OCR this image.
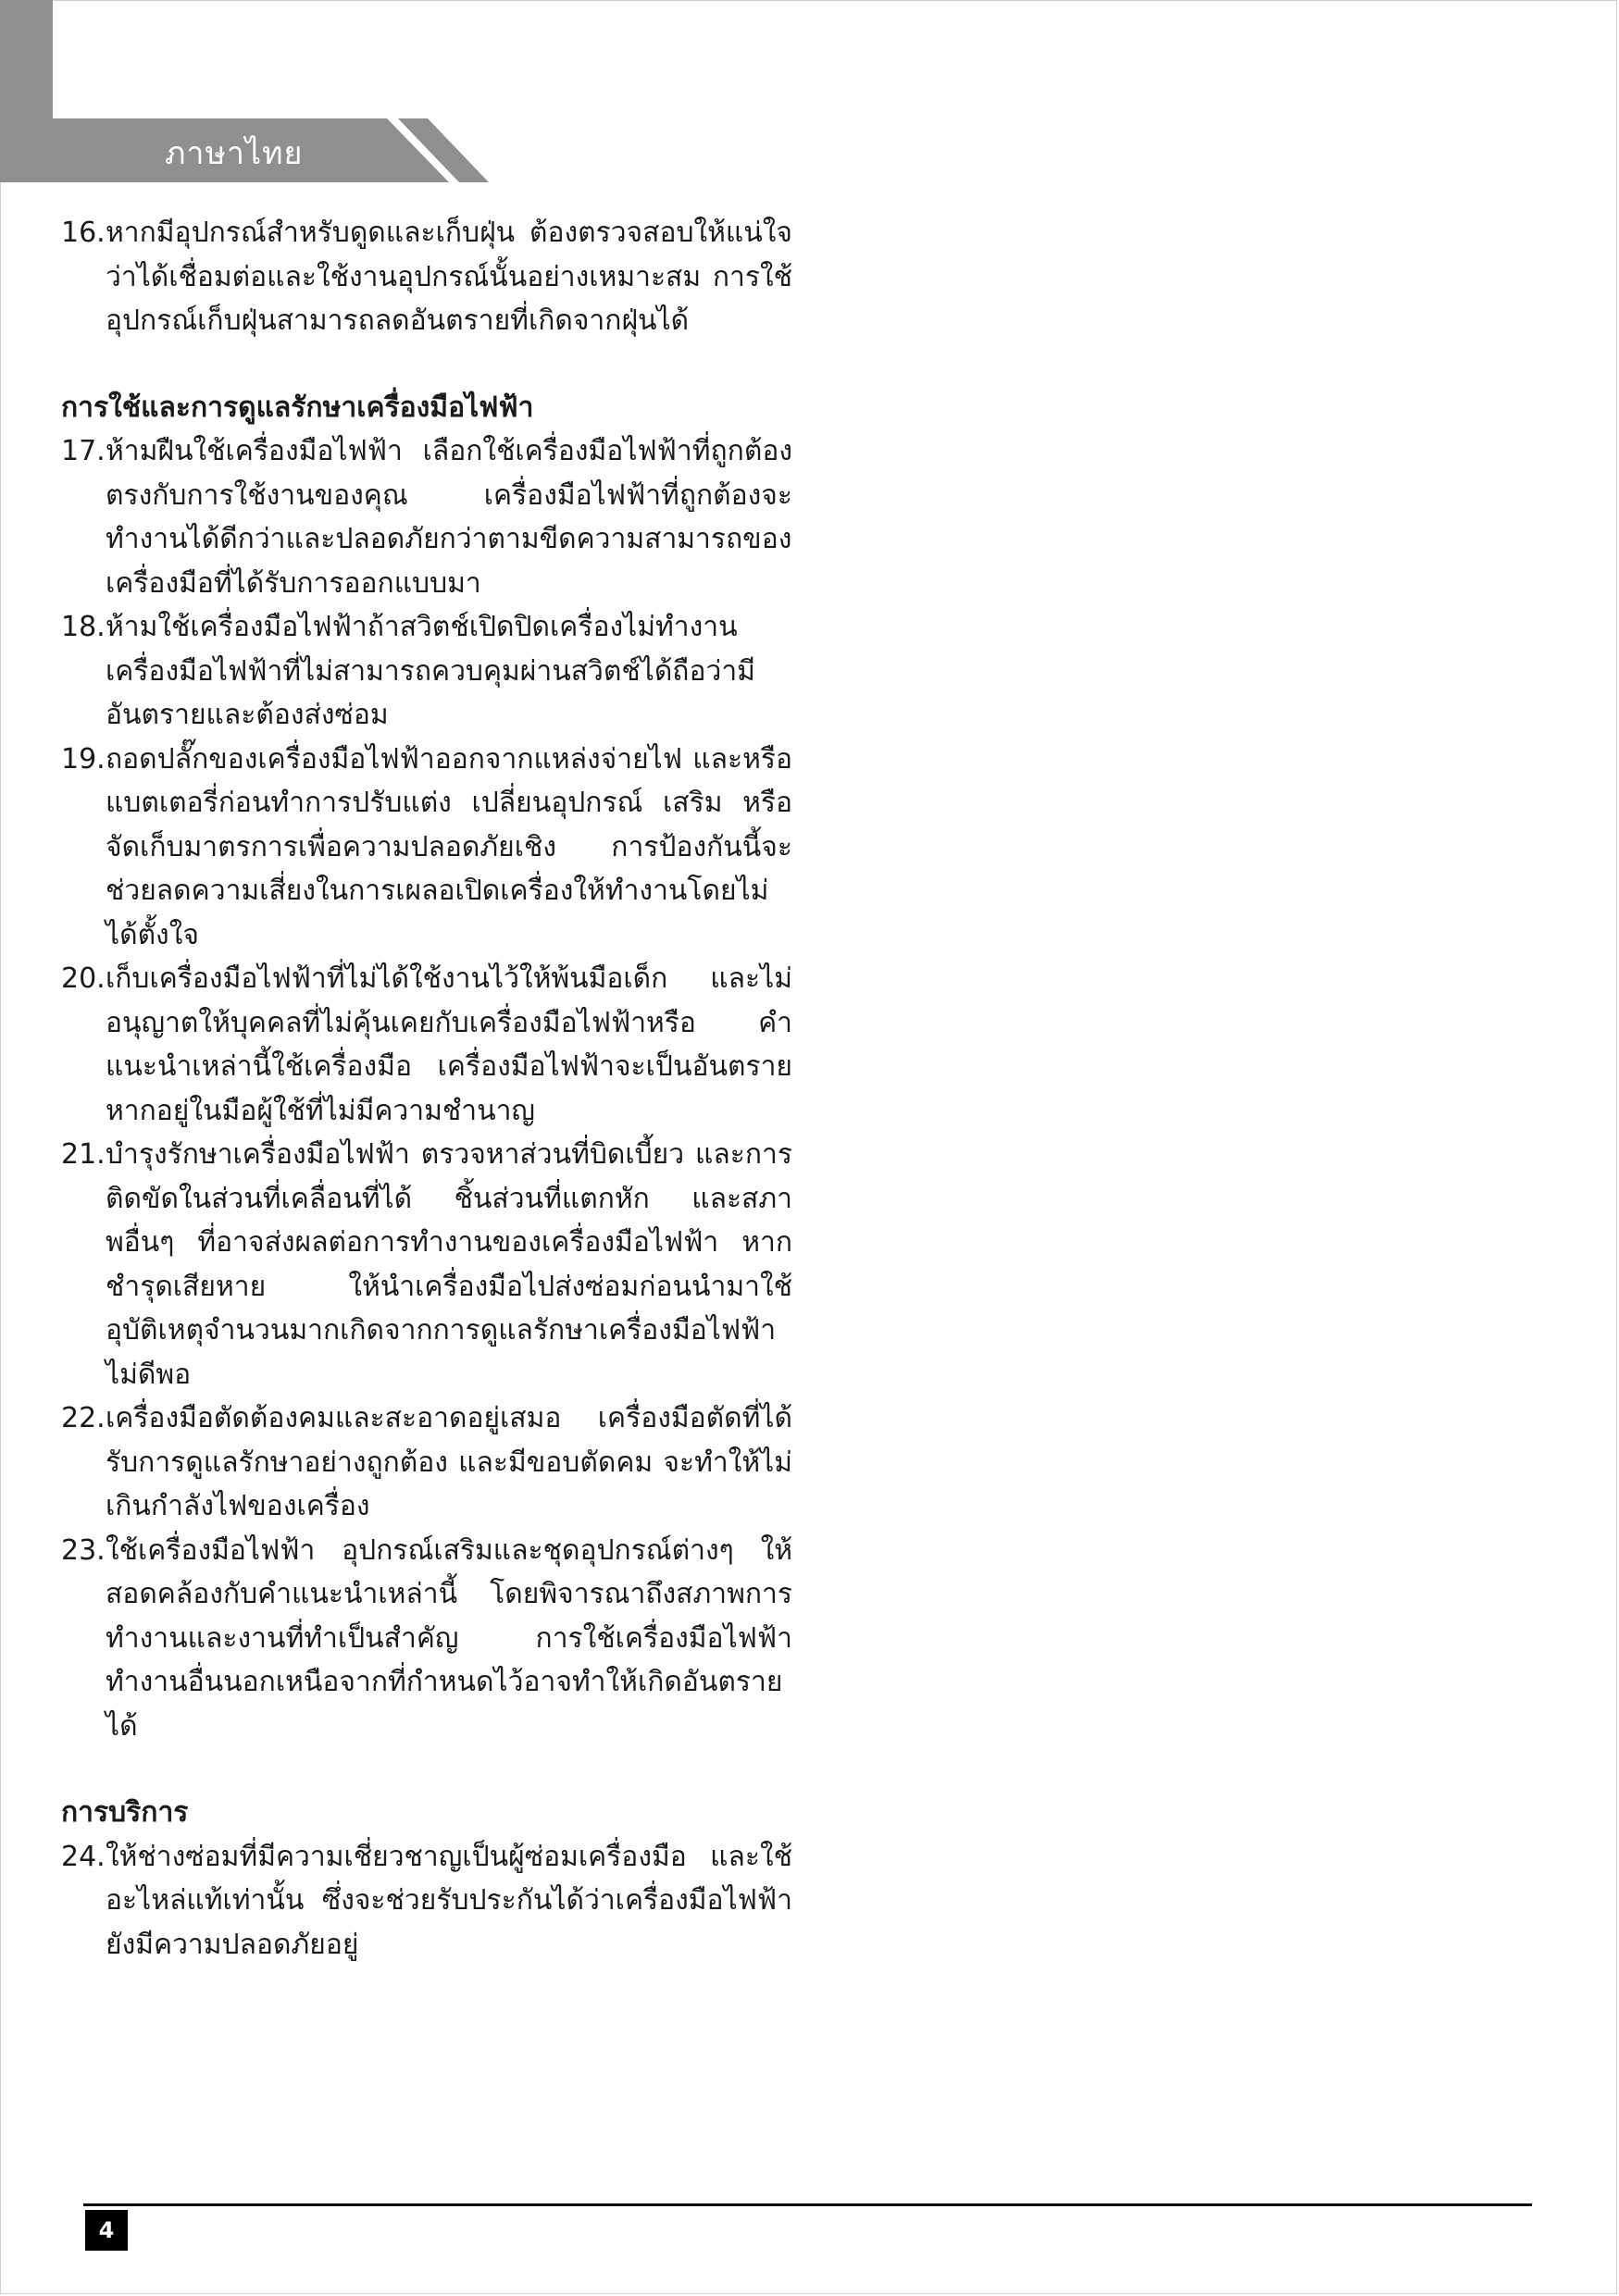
ภาษาไทย
16. หากมีอุปกรณ์สำหรับดูดและเก็บฝุ่น ต้องตรวจสอบให้แน่ใจว่าได้เชื่อมต่อและใช้งานอุปกรณ์นั้นอย่างเหมาะสม การใช้อุปกรณ์เก็บฝุ่นสามารถลดอันตรายที่เกิดจากฝุ่นได้
การใช้และการดูแลรักษาเครื่องมือไฟฟ้า
17. ห้ามฝืนใช้เครื่องมือไฟฟ้า เลือกใช้เครื่องมือไฟฟ้าที่ถูกต้องตรงกับการใช้งานของคุณ เครื่องมือไฟฟ้าที่ถูกต้องจะทำงานได้ดีกว่าและปลอดภัยกว่าตามขีดความสามารถของเครื่องมือที่ได้รับการออกแบบมา
18. ห้ามใช้เครื่องมือไฟฟ้าถ้าสวิตช์เปิดปิดเครื่องไม่ทำงาน เครื่องมือไฟฟ้าที่ไม่สามารถควบคุมผ่านสวิตช์ได้ถือว่ามีอันตรายและต้องส่งซ่อม
19. ถอดปลั๊กของเครื่องมือไฟฟ้าออกจากแหล่งจ่ายไฟ และหรือแบตเตอรี่ก่อนทำการปรับแต่ง เปลี่ยนอุปกรณ์ เสริม หรือจัดเก็บมาตรการเพื่อความปลอดภัยเชิง การป้องกันนี้จะช่วยลดความเสี่ยงในการเผลอเปิดเครื่องให้ทำงานโดยไม่ได้ตั้งใจ
20. เก็บเครื่องมือไฟฟ้าที่ไม่ได้ใช้งานไว้ให้พ้นมือเด็ก และไม่อนุญาตให้บุคคลที่ไม่คุ้นเคยกับเครื่องมือไฟฟ้าหรือ คำแนะนำเหล่านี้ใช้เครื่องมือ เครื่องมือไฟฟ้าจะเป็นอันตรายหากอยู่ในมือผู้ใช้ที่ไม่มีความชำนาญ
21. บำรุงรักษาเครื่องมือไฟฟ้า ตรวจหาส่วนที่บิดเบี้ยว และการติดขัดในส่วนที่เคลื่อนที่ได้ ชิ้นส่วนที่แตกหัก และสภาพอื่นๆ ที่อาจส่งผลต่อการทำงานของเครื่องมือไฟฟ้า หากชำรุดเสียหาย ให้นำเครื่องมือไปส่งซ่อมก่อนนำมาใช้อุบัติเหตุจำนวนมากเกิดจากการดูแลรักษาเครื่องมือไฟฟ้าไม่ดีพอ
22. เครื่องมือตัดต้องคมและสะอาดอยู่เสมอ เครื่องมือตัดที่ได้รับการดูแลรักษาอย่างถูกต้อง และมีขอบตัดคม จะทำให้ไม่เกินกำลังไฟของเครื่อง
23. ใช้เครื่องมือไฟฟ้า อุปกรณ์เสริมและชุดอุปกรณ์ต่างๆ ให้สอดคล้องกับคำแนะนำเหล่านี้ โดยพิจารณาถึงสภาพการทำงานและงานที่ทำเป็นสำคัญ การใช้เครื่องมือไฟฟ้าทำงานอื่นนอกเหนือจากที่กำหนดไว้อาจทำให้เกิดอันตรายได้
การบริการ
24. ให้ช่างซ่อมที่มีความเชี่ยวชาญเป็นผู้ซ่อมเครื่องมือ และใช้อะไหล่แท้เท่านั้น ซึ่งจะช่วยรับประกันได้ว่าเครื่องมือไฟฟ้ายังมีความปลอดภัยอยู่
4
